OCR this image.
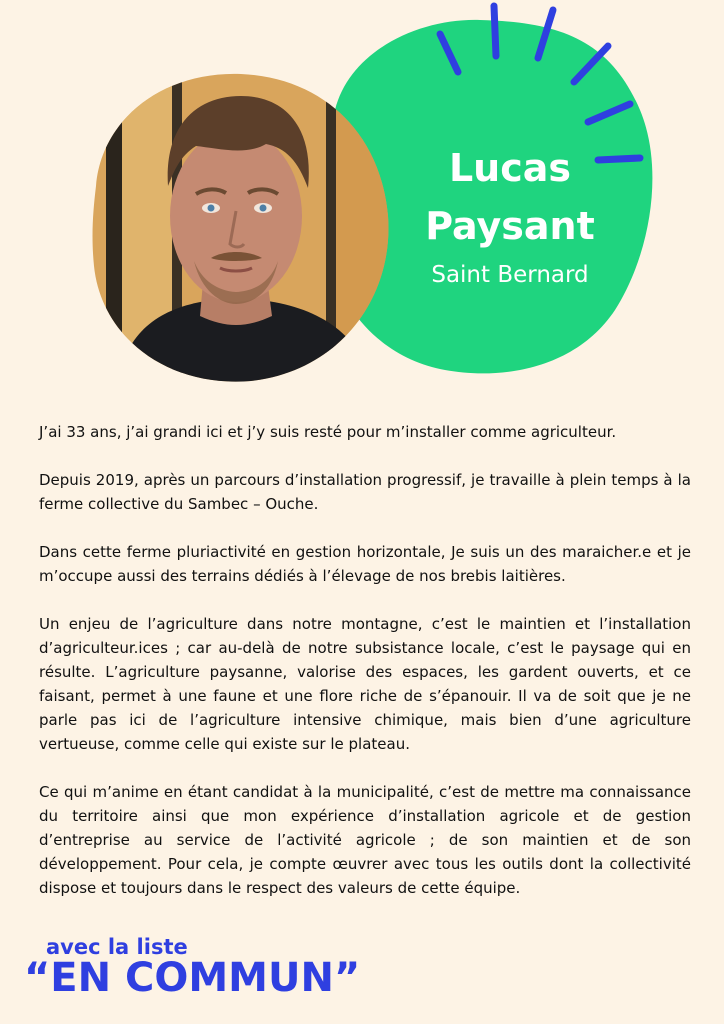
Lucas
Paysant
Saint Bernard

J’ai 33 ans, j’ai grandi ici et j’y suis resté pour m’installer comme agriculteur.

Depuis 2019, après un parcours d’installation progressif, je travaille à plein temps à la ferme collective du Sambec – Ouche.

Dans cette ferme pluriactivité en gestion horizontale, Je suis un des maraicher.e et je m’occupe aussi des terrains dédiés à l’élevage de nos brebis laitières.

Un enjeu de l’agriculture dans notre montagne, c’est le maintien et l’installation d’agriculteur.ices ; car au-delà de notre subsistance locale, c’est le paysage qui en résulte. L’agriculture paysanne, valorise des espaces, les gardent ouverts, et ce faisant, permet à une faune et une flore riche de s’épanouir. Il va de soit que je ne parle pas ici de l’agriculture intensive chimique, mais bien d’une agriculture vertueuse, comme celle qui existe sur le plateau.

Ce qui m’anime en étant candidat à la municipalité, c’est de mettre ma connaissance du territoire ainsi que mon expérience d’installation agricole et de gestion d’entreprise au service de l’activité agricole ; de son maintien et de son développement. Pour cela, je compte œuvrer avec tous les outils dont la collectivité dispose et toujours dans le respect des valeurs de cette équipe.

avec la liste
“EN COMMUN”
